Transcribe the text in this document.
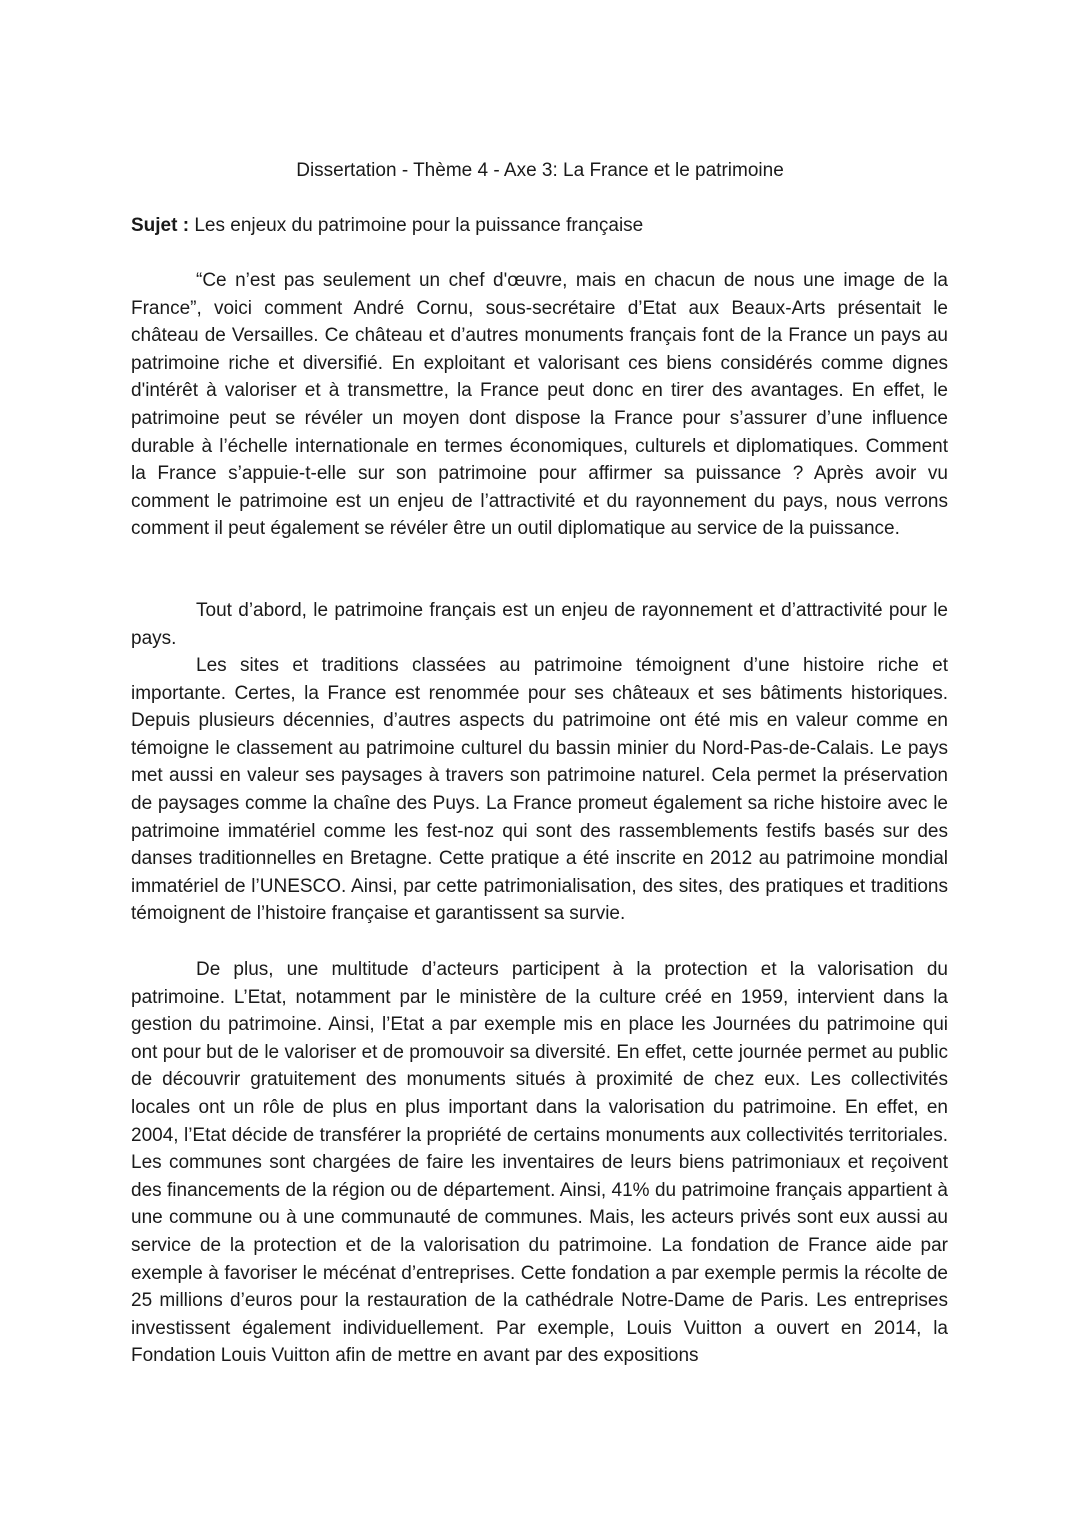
Dissertation - Thème 4 - Axe 3: La France et le patrimoine

Sujet : Les enjeux du patrimoine pour la puissance française

“Ce n’est pas seulement un chef d'œuvre, mais en chacun de nous une image de la France”, voici comment André Cornu, sous-secrétaire d’Etat aux Beaux-Arts présentait le château de Versailles. Ce château et d’autres monuments français font de la France un pays au patrimoine riche et diversifié. En exploitant et valorisant ces biens considérés comme dignes d'intérêt à valoriser et à transmettre, la France peut donc en tirer des avantages. En effet, le patrimoine peut se révéler un moyen dont dispose la France pour s’assurer d’une influence durable à l’échelle internationale en termes économiques, culturels et diplomatiques. Comment la France s’appuie-t-elle sur son patrimoine pour affirmer sa puissance ? Après avoir vu comment le patrimoine est un enjeu de l’attractivité et du rayonnement du pays, nous verrons comment il peut également se révéler être un outil diplomatique au service de la puissance.

Tout d’abord, le patrimoine français est un enjeu de rayonnement et d’attractivité pour le pays.

Les sites et traditions classées au patrimoine témoignent d’une histoire riche et importante. Certes, la France est renommée pour ses châteaux et ses bâtiments historiques. Depuis plusieurs décennies, d’autres aspects du patrimoine ont été mis en valeur comme en témoigne le classement au patrimoine culturel du bassin minier du Nord-Pas-de-Calais. Le pays met aussi en valeur ses paysages à travers son patrimoine naturel. Cela permet la préservation de paysages comme la chaîne des Puys. La France promeut également sa riche histoire avec le patrimoine immatériel comme les fest-noz qui sont des rassemblements festifs basés sur des danses traditionnelles en Bretagne. Cette pratique a été inscrite en 2012 au patrimoine mondial immatériel de l’UNESCO. Ainsi, par cette patrimonialisation, des sites, des pratiques et traditions témoignent de l’histoire française et garantissent sa survie.

De plus, une multitude d’acteurs participent à la protection et la valorisation du patrimoine. L’Etat, notamment par le ministère de la culture créé en 1959, intervient dans la gestion du patrimoine. Ainsi, l’Etat a par exemple mis en place les Journées du patrimoine qui ont pour but de le valoriser et de promouvoir sa diversité. En effet, cette journée permet au public de découvrir gratuitement des monuments situés à proximité de chez eux. Les collectivités locales ont un rôle de plus en plus important dans la valorisation du patrimoine. En effet, en 2004, l’Etat décide de transférer la propriété de certains monuments aux collectivités territoriales. Les communes sont chargées de faire les inventaires de leurs biens patrimoniaux et reçoivent des financements de la région ou de département. Ainsi, 41% du patrimoine français appartient à une commune ou à une communauté de communes. Mais, les acteurs privés sont eux aussi au service de la protection et de la valorisation du patrimoine. La fondation de France aide par exemple à favoriser le mécénat d’entreprises. Cette fondation a par exemple permis la récolte de 25 millions d’euros pour la restauration de la cathédrale Notre-Dame de Paris. Les entreprises investissent également individuellement. Par exemple, Louis Vuitton a ouvert en 2014, la Fondation Louis Vuitton afin de mettre en avant par des expositions
